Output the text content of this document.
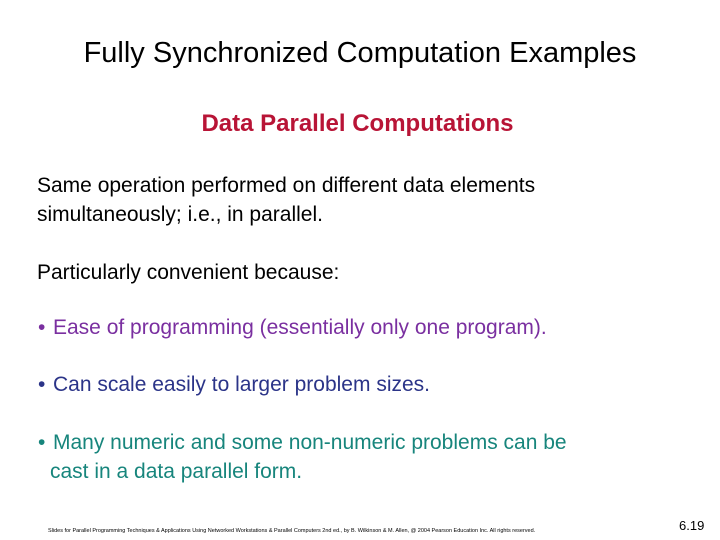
Fully Synchronized Computation Examples
Data Parallel Computations
Same operation performed on different data elements
simultaneously; i.e., in parallel.
Particularly convenient because:
• Ease of programming (essentially only one program).
• Can scale easily to larger problem sizes.
• Many numeric and some non-numeric problems can be
cast in a data parallel form.
Slides for Parallel Programming Techniques & Applications Using Networked Workstations & Parallel Computers 2nd ed., by B. Wilkinson & M. Allen, @ 2004 Pearson Education Inc. All rights reserved.	6.19
